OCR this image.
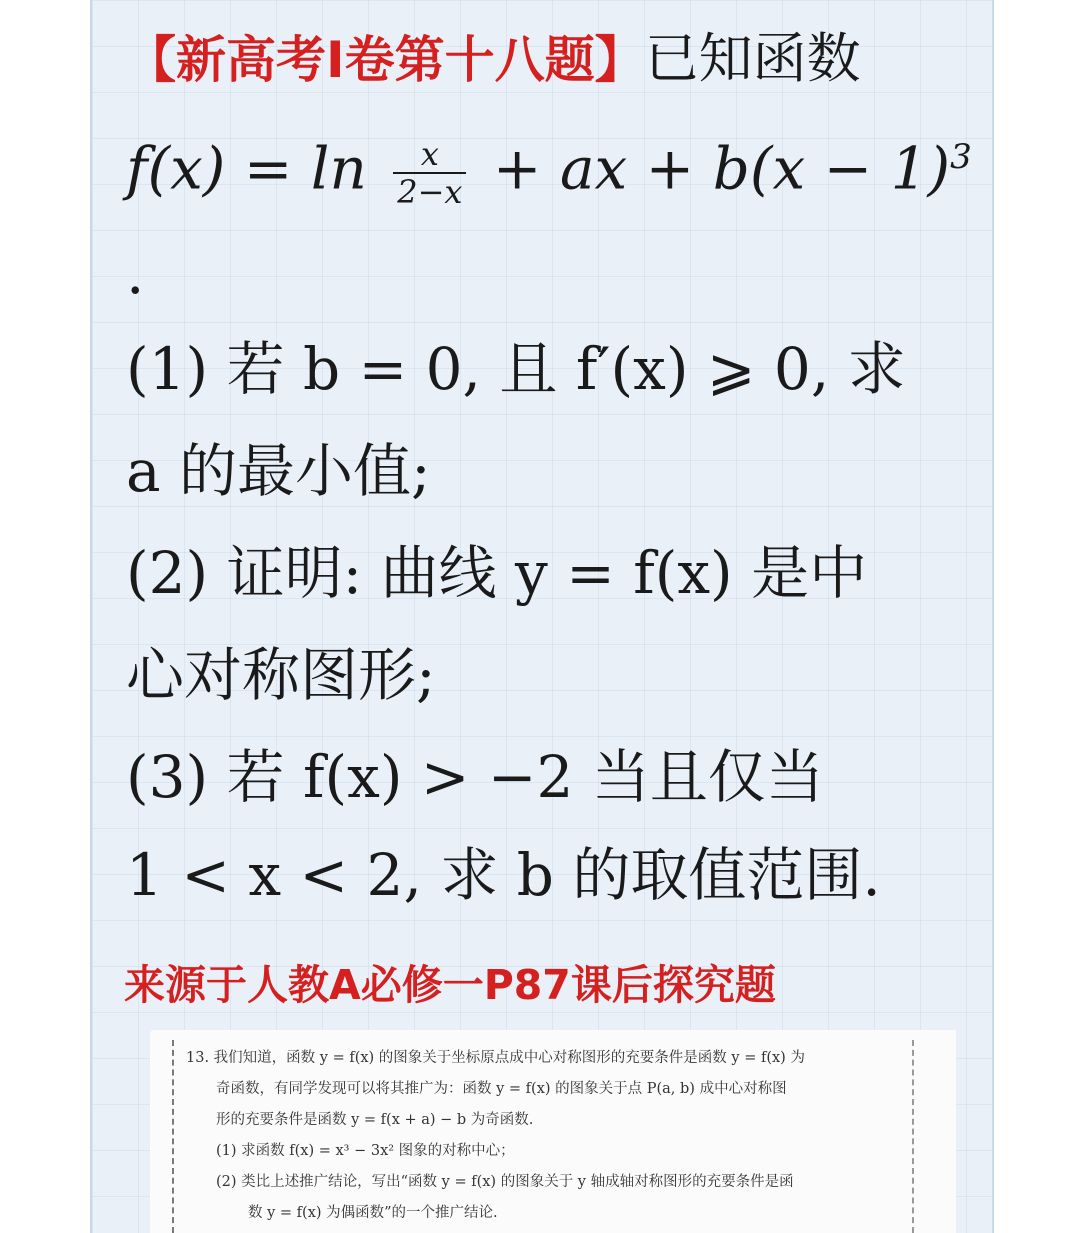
【新高考Ⅰ卷第十八题】已知函数
$f(x) = \ln \frac{x}{2-x}$ + ax + $b(x - 1)^3$
.
(1) 若 b = 0, 且 f′(x) ⩾ 0, 求
a 的最小值;
(2) 证明: 曲线 y = f(x) 是中
心对称图形;
(3) 若 f(x) > −2 当且仅当
1 < x < 2, 求 b 的取值范围.
来源于人教A必修一P87课后探究题
13. 我们知道，函数 y = f(x) 的图象关于坐标原点成中心对称图形的充要条件是函数 y = f(x) 为
奇函数，有同学发现可以将其推广为：函数 y = f(x) 的图象关于点 P(a, b) 成中心对称图
形的充要条件是函数 y = f(x + a) − b 为奇函数.
(1) 求函数 f(x) = x³ − 3x² 图象的对称中心；
(2) 类比上述推广结论，写出“函数 y = f(x) 的图象关于 y 轴成轴对称图形的充要条件是函
数 y = f(x) 为偶函数”的一个推广结论.
